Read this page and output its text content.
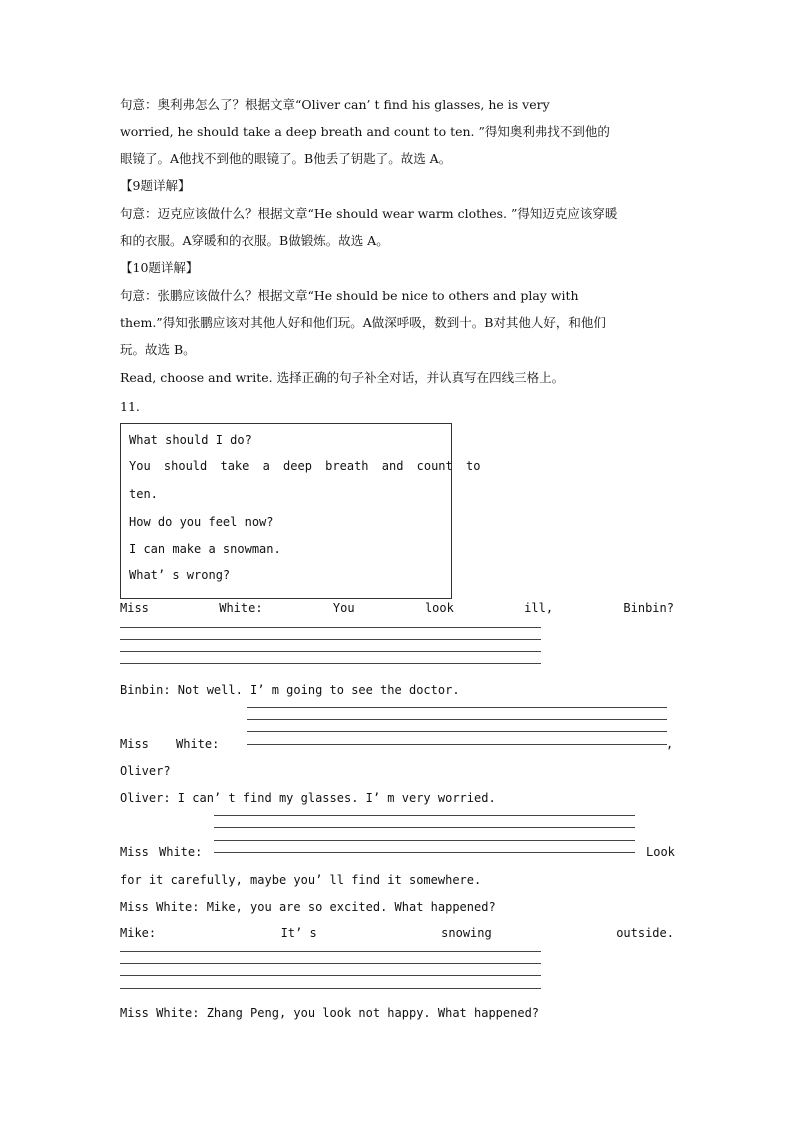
句意：奥利弗怎么了？根据文章“Oliver can’ t find his glasses, he is very
worried, he should take a deep breath and count to ten. ”得知奥利弗找不到他的
眼镜了。A他找不到他的眼镜了。B他丢了钥匙了。故选 A。
【9题详解】
句意：迈克应该做什么？根据文章“He should wear warm clothes. ”得知迈克应该穿暖
和的衣服。A穿暖和的衣服。B做锻炼。故选 A。
【10题详解】
句意：张鹏应该做什么？根据文章“He should be nice to others and play with
them.”得知张鹏应该对其他人好和他们玩。A做深呼吸，数到十。B对其他人好，和他们
玩。故选 B。
Read, choose and write. 选择正确的句子补全对话，并认真写在四线三格上。
11.
What should I do?
You should take a deep breath and count to
ten.
How do you feel now?
I can make a snowman.
What’ s wrong?
Miss	White:	You	look	ill,	Binbin?
Binbin: Not well. I’ m going to see the doctor.
Miss White:	,
Oliver?
Oliver: I can’ t find my glasses. I’ m very worried.
Miss White:	Look
for it carefully, maybe you’ ll find it somewhere.
Miss White: Mike, you are so excited. What happened?
Mike:	It’ s	snowing	outside.
Miss White: Zhang Peng, you look not happy. What happened?
